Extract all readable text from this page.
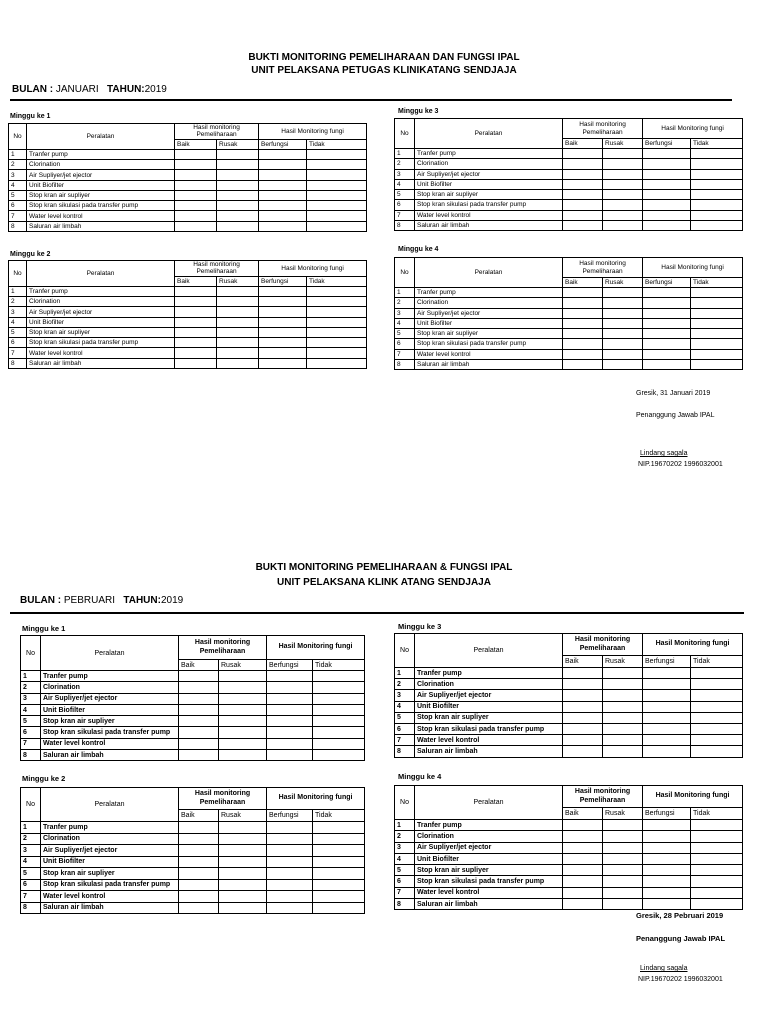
BUKTI MONITORING PEMELIHARAAN DAN FUNGSI IPAL
UNIT PELAKSANA PETUGAS KLINIKATANG SENDJAJA
BULAN : JANUARI TAHUN:2019
Minggu ke 1
Minggu ke 2
Minggu ke 3
Minggu ke 4
No	Peralatan	Hasil monitoring Pemeliharaan		Hasil Monitoring fungi	
		Baik	Rusak	Berfungsi	Tidak
1	Tranfer pump				
2	Clorination				
3	Air Supliyer/jet ejector				
4	Unit Biofilter				
5	Stop kran air supliyer				
6	Stop kran sikulasi pada transfer pump				
7	Water level kontrol				
8	Saluran air limbah				
No	Peralatan	Hasil monitoring Pemeliharaan		Hasil Monitoring fungi	
		Baik	Rusak	Berfungsi	Tidak
1	Tranfer pump				
2	Clorination				
3	Air Supliyer/jet ejector				
4	Unit Biofilter				
5	Stop kran air supliyer				
6	Stop kran sikulasi pada transfer pump				
7	Water level kontrol				
8	Saluran air limbah				
No	Peralatan	Hasil monitoring Pemeliharaan		Hasil Monitoring fungi	
		Baik	Rusak	Berfungsi	Tidak
1	Tranfer pump				
2	Clorination				
3	Air Supliyer/jet ejector				
4	Unit Biofilter				
5	Stop kran air supliyer				
6	Stop kran sikulasi pada transfer pump				
7	Water level kontrol				
8	Saluran air limbah				
No	Peralatan	Hasil monitoring Pemeliharaan		Hasil Monitoring fungi	
		Baik	Rusak	Berfungsi	Tidak
1	Tranfer pump				
2	Clorination				
3	Air Supliyer/jet ejector				
4	Unit Biofilter				
5	Stop kran air supliyer				
6	Stop kran sikulasi pada transfer pump				
7	Water level kontrol				
8	Saluran air limbah				
Gresik, 31 Januari 2019
Penanggung Jawab IPAL
Lindang sagala
NIP.19670202 1996032001
BUKTI MONITORING PEMELIHARAAN & FUNGSI IPAL
UNIT PELAKSANA KLINK ATANG SENDJAJA
BULAN : PEBRUARI TAHUN:2019
Minggu ke 1
Minggu ke 2
Minggu ke 3
Minggu ke 4
No	Peralatan	Hasil monitoring Pemeliharaan		Hasil Monitoring fungi	
		Baik	Rusak	Berfungsi	Tidak
1	Tranfer pump				
2	Clorination				
3	Air Supliyer/jet ejector				
4	Unit Biofilter				
5	Stop kran air supliyer				
6	Stop kran sikulasi pada transfer pump				
7	Water level kontrol				
8	Saluran air limbah				
No	Peralatan	Hasil monitoring Pemeliharaan		Hasil Monitoring fungi	
		Baik	Rusak	Berfungsi	Tidak
1	Tranfer pump				
2	Clorination				
3	Air Supliyer/jet ejector				
4	Unit Biofilter				
5	Stop kran air supliyer				
6	Stop kran sikulasi pada transfer pump				
7	Water level kontrol				
8	Saluran air limbah				
No	Peralatan	Hasil monitoring Pemeliharaan		Hasil Monitoring fungi	
		Baik	Rusak	Berfungsi	Tidak
1	Tranfer pump				
2	Clorination				
3	Air Supliyer/jet ejector				
4	Unit Biofilter				
5	Stop kran air supliyer				
6	Stop kran sikulasi pada transfer pump				
7	Water level kontrol				
8	Saluran air limbah				
No	Peralatan	Hasil monitoring Pemeliharaan		Hasil Monitoring fungi	
		Baik	Rusak	Berfungsi	Tidak
1	Tranfer pump				
2	Clorination				
3	Air Supliyer/jet ejector				
4	Unit Biofilter				
5	Stop kran air supliyer				
6	Stop kran sikulasi pada transfer pump				
7	Water level kontrol				
8	Saluran air limbah				
Gresik, 28 Pebruari 2019
Penanggung Jawab IPAL
Lindang sagala
NIP.19670202 1996032001
